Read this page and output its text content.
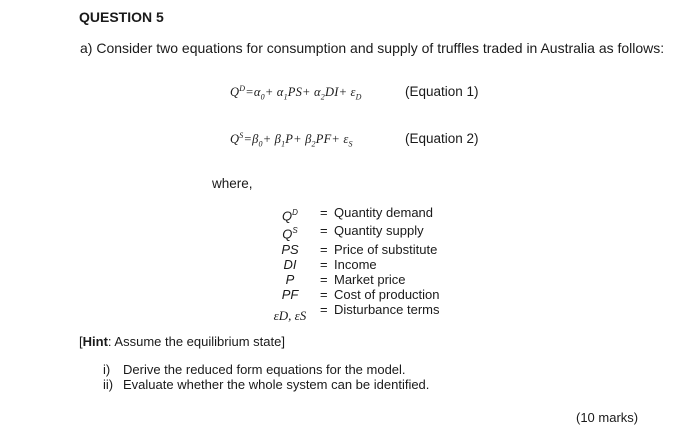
QUESTION 5
a) Consider two equations for consumption and supply of truffles traded in Australia as follows:
$Q^D=\alpha_0+ \alpha_1PS+ \alpha_2DI+ \varepsilon_D$	(Equation 1)
$Q^S=\beta_0+ \beta_1P+ \beta_2PF+ \varepsilon_S$	(Equation 2)
where,
$Q^D$	=	Quantity demand
$Q^S$	=	Quantity supply
PS	=	Price of substitute
DI	=	Income
P	=	Market price
PF	=	Cost of production
εD, εS	=	Disturbance terms
[Hint: Assume the equilibrium state]
i) Derive the reduced form equations for the model.
ii) Evaluate whether the whole system can be identified.
(10 marks)
